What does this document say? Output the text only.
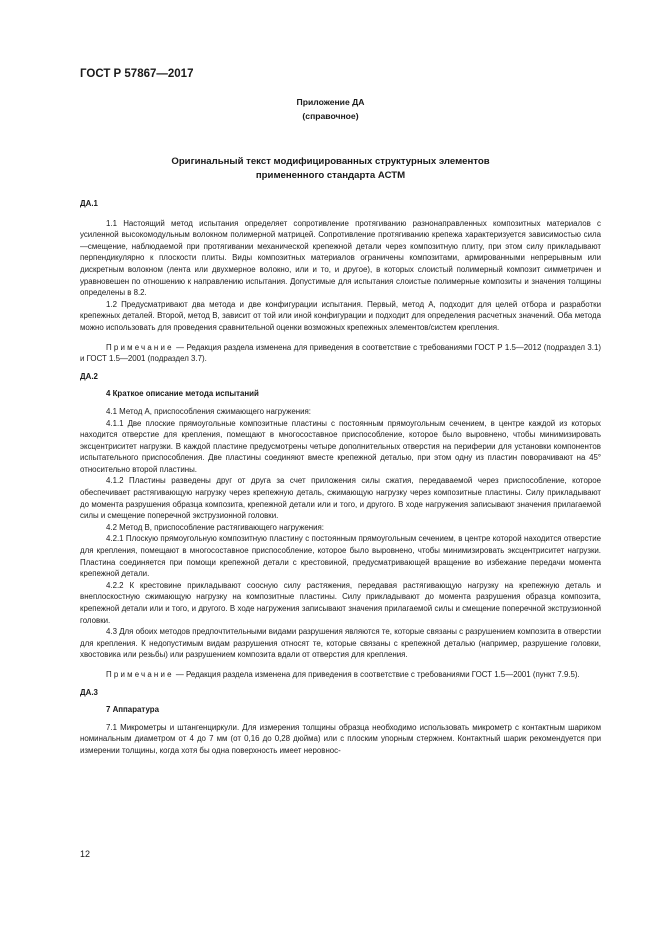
ГОСТ Р 57867—2017
Приложение ДА
(справочное)
Оригинальный текст модифицированных структурных элементов
примененного стандарта АСТМ

ДА.1

1.1 Настоящий метод испытания определяет сопротивление протягиванию разнонаправленных композитных материалов с усиленной высокомодульным волокном полимерной матрицей. Сопротивление протягиванию крепежа характеризуется зависимостью сила—смещение, наблюдаемой при протягивании механической крепежной детали через композитную плиту, при этом силу прикладывают перпендикулярно к плоскости плиты. Виды композитных материалов ограничены композитами, армированными непрерывным или дискретным волокном (лента или двухмерное волокно, или и то, и другое), в которых слоистый полимерный композит симметричен и уравновешен по отношению к направлению испытания. Допустимые для испытания слоистые полимерные композиты и значения толщины определены в 8.2.

1.2 Предусматривают два метода и две конфигурации испытания. Первый, метод А, подходит для целей отбора и разработки крепежных деталей. Второй, метод В, зависит от той или иной конфигурации и подходит для определения расчетных значений. Оба метода можно использовать для проведения сравнительной оценки возможных крепежных элементов/систем крепления.

Примечание — Редакция раздела изменена для приведения в соответствие с требованиями ГОСТ Р 1.5—2012 (подраздел 3.1) и ГОСТ 1.5—2001 (подраздел 3.7).

ДА.2

4 Краткое описание метода испытаний

4.1 Метод А, приспособления сжимающего нагружения:

4.1.1 Две плоские прямоугольные композитные пластины с постоянным прямоугольным сечением, в центре каждой из которых находится отверстие для крепления, помещают в многосоставное приспособление, которое было выровнено, чтобы минимизировать эксцентриситет нагрузки. В каждой пластине предусмотрены четыре дополнительных отверстия на периферии для установки компонентов испытательного приспособления. Две пластины соединяют вместе крепежной деталью, при этом одну из пластин поворачивают на 45° относительно второй пластины.

4.1.2 Пластины разведены друг от друга за счет приложения силы сжатия, передаваемой через приспособление, которое обеспечивает растягивающую нагрузку через крепежную деталь, сжимающую нагрузку через композитные пластины. Силу прикладывают до момента разрушения образца композита, крепежной детали или и того, и другого. В ходе нагружения записывают значения прилагаемой силы и смещение поперечной экструзионной головки.

4.2 Метод В, приспособление растягивающего нагружения:

4.2.1 Плоскую прямоугольную композитную пластину с постоянным прямоугольным сечением, в центре которой находится отверстие для крепления, помещают в многосоставное приспособление, которое было выровнено, чтобы минимизировать эксцентриситет нагрузки. Пластина соединяется при помощи крепежной детали с крестовиной, предусматривающей вращение во избежание передачи момента крепежной детали.

4.2.2 К крестовине прикладывают соосную силу растяжения, передавая растягивающую нагрузку на крепежную деталь и внеплоскостную сжимающую нагрузку на композитные пластины. Силу прикладывают до момента разрушения образца композита, крепежной детали или и того, и другого. В ходе нагружения записывают значения прилагаемой силы и смещение поперечной экструзионной головки.

4.3 Для обоих методов предпочтительными видами разрушения являются те, которые связаны с разрушением композита в отверстии для крепления. К недопустимым видам разрушения относят те, которые связаны с крепежной деталью (например, разрушение головки, хвостовика или резьбы) или разрушением композита вдали от отверстия для крепления.

Примечание — Редакция раздела изменена для приведения в соответствие с требованиями ГОСТ 1.5—2001 (пункт 7.9.5).

ДА.3

7 Аппаратура

7.1 Микрометры и штангенциркули. Для измерения толщины образца необходимо использовать микрометр с контактным шариком номинальным диаметром от 4 до 7 мм (от 0,16 до 0,28 дюйма) или с плоским упорным стержнем. Контактный шарик рекомендуется при измерении толщины, когда хотя бы одна поверхность имеет неровнос-

12
